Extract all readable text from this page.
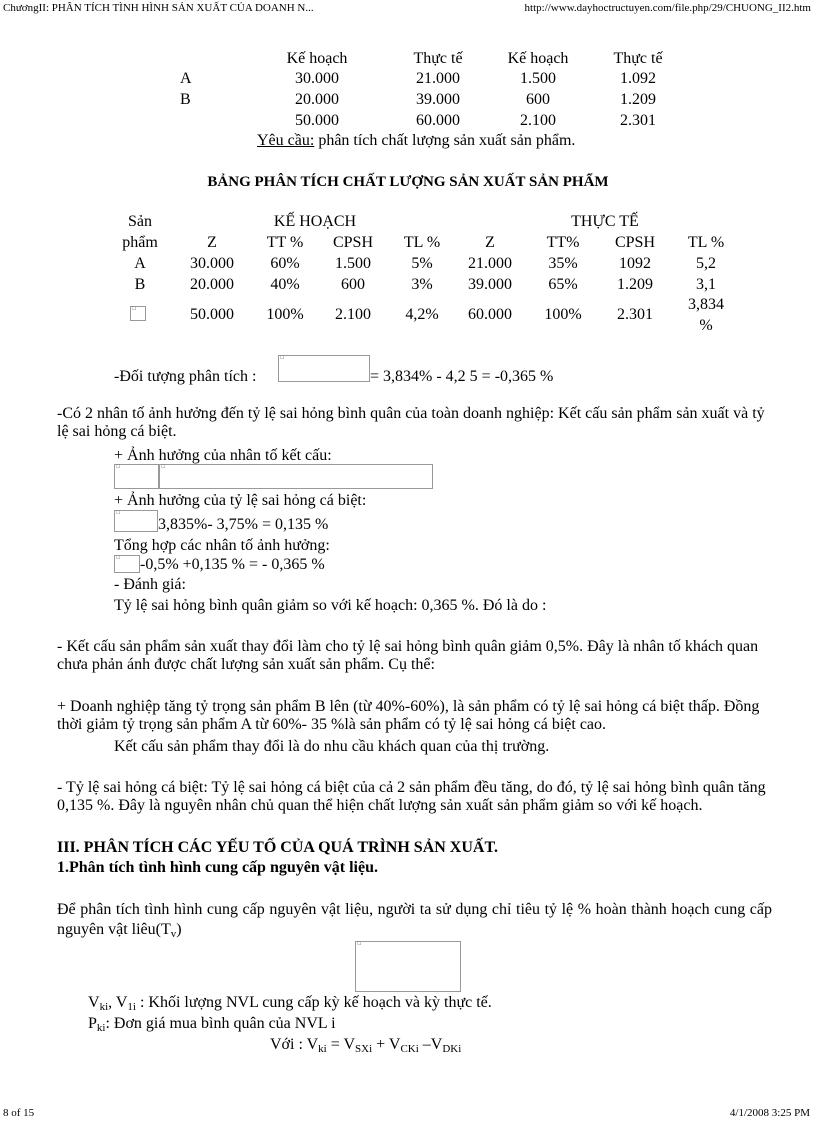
ChươngII: PHÂN TÍCH TÌNH HÌNH SẢN XUẤT CỦA DOANH N...	http://www.dayhoctructuyen.com/file.php/29/CHUONG_II2.htm
8 of 15	4/1/2008 3:25 PM
Kế hoạch	Thực tế	Kế hoạch	Thực tế
A	30.000	21.000	1.500	1.092
B	20.000	39.000	600	1.209
50.000	60.000	2.100	2.301
Yêu cầu: phân tích chất lượng sản xuất sản phẩm.
BẢNG PHÂN TÍCH CHẤT LƯỢNG SẢN XUẤT SẢN PHẨM
Sản
phẩm
KẾ HOẠCH	THỰC TẾ
Z	TT %	CPSH	TL %	Z	TT%	CPSH	TL %
A	30.000	60%	1.500	5%	21.000	35%	1092	5,2
B	20.000	40%	600	3%	39.000	65%	1.209	3,1
▫
50.000	100%	2.100	4,2%	60.000	100%	2.301
3,834
%
-Đối tượng phân tích :
▫	= 3,834% - 4,2 5 = -0,365 %
-Có 2 nhân tố ảnh hưởng đến tỷ lệ sai hỏng bình quân của toàn doanh nghiệp: Kết cấu sản phẩm sản xuất và tỷ lệ sai hỏng cá biệt.
+ Ảnh hưởng của nhân tố kết cấu:
▫
▫
+ Ảnh hưởng của tỷ lệ sai hỏng cá biệt:
▫
3,835%- 3,75% = 0,135 %
Tổng hợp các nhân tố ảnh hưởng:
▫
-0,5% +0,135 % = - 0,365 %
- Đánh giá:
Tỷ lệ sai hỏng bình quân giảm so với kế hoạch: 0,365 %. Đó là do :
- Kết cấu sản phẩm sản xuất thay đổi làm cho tỷ lệ sai hỏng bình quân giảm 0,5%. Đây là nhân tố khách quan chưa phản ánh được chất lượng sản xuất sản phẩm. Cụ thể:
+ Doanh nghiệp tăng tỷ trọng sản phẩm B lên (từ 40%-60%), là sản phẩm có tỷ lệ sai hỏng cá biệt thấp. Đồng thời giảm tỷ trọng sản phẩm A từ 60%- 35 %là sản phẩm có tỷ lệ sai hỏng cá biệt cao.
Kết cấu sản phẩm thay đổi là do nhu cầu khách quan của thị trường.
- Tỷ lệ sai hỏng cá biệt: Tỷ lệ sai hỏng cá biệt của cả 2 sản phẩm đều tăng, do đó, tỷ lệ sai hỏng bình quân tăng 0,135 %. Đây là nguyên nhân chủ quan thể hiện chất lượng sản xuất sản phẩm giảm so với kế hoạch.
III. PHÂN TÍCH CÁC YẾU TỐ CỦA QUÁ TRÌNH SẢN XUẤT.
1.Phân tích tình hình cung cấp nguyên vật liệu.
Để phân tích tình hình cung cấp nguyên vật liệu, người ta sử dụng chỉ tiêu tỷ lệ % hoàn thành hoạch cung cấp nguyên vật $liêu(T_v)$
▫
$V_{ki}$, $V_{1i}$ : Khối lượng NVL cung cấp kỳ kế hoạch và kỳ thực tế.
$P_{ki}$: Đơn giá mua bình quân của NVL i
Với : $V_{ki} = V_{SXi} + V_{CKi}$ $-V_{DKi}$
